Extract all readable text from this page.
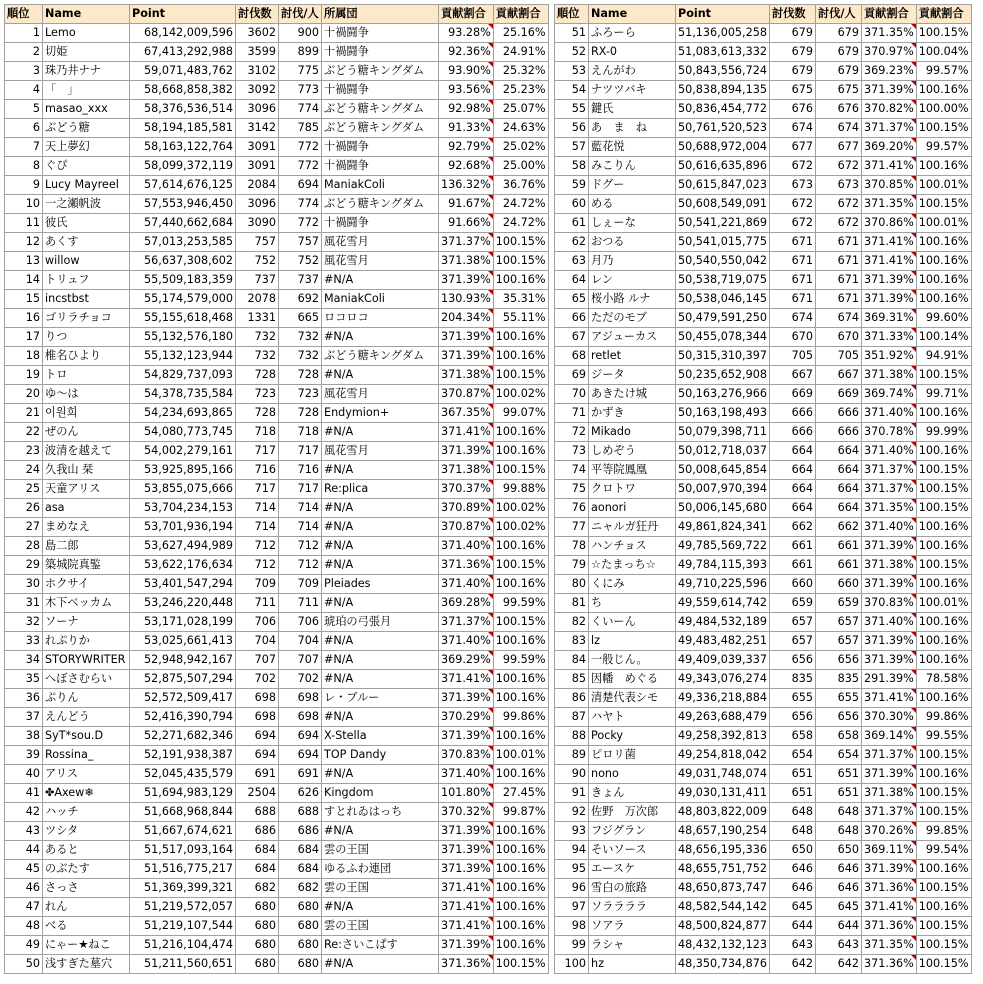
順位	Name	Point	討伐数	討伐/人	所属団	貢献割合	貢献割合
1	Lemo	68,142,009,596	3602	900	十禍闘争	93.28%	25.16%
2	切姫	67,413,292,988	3599	899	十禍闘争	92.36%	24.91%
3	珠乃井ナナ	59,071,483,762	3102	775	ぶどう糖キングダム	93.90%	25.32%
4	「　」	58,668,858,382	3092	773	十禍闘争	93.56%	25.23%
5	masao_xxx	58,376,536,514	3096	774	ぶどう糖キングダム	92.98%	25.07%
6	ぶどう糖	58,194,185,581	3142	785	ぶどう糖キングダム	91.33%	24.63%
7	天上夢幻	58,163,122,764	3091	772	十禍闘争	92.79%	25.02%
8	ぐぴ	58,099,372,119	3091	772	十禍闘争	92.68%	25.00%
9	Lucy Mayreel	57,614,676,125	2084	694	ManiakColi	136.32%	36.76%
10	一之瀬帆波	57,553,946,450	3096	774	ぶどう糖キングダム	91.67%	24.72%
11	彼氏	57,440,662,684	3090	772	十禍闘争	91.66%	24.72%
12	あくす	57,013,253,585	757	757	風花雪月	371.37%	100.15%
13	willow	56,637,308,602	752	752	風花雪月	371.38%	100.15%
14	トリュフ	55,509,183,359	737	737	#N/A	371.39%	100.16%
15	incstbst	55,174,579,000	2078	692	ManiakColi	130.93%	35.31%
16	ゴリラチョコ	55,155,618,468	1331	665	ロコロコ	204.34%	55.11%
17	りつ	55,132,576,180	732	732	#N/A	371.39%	100.16%
18	椎名ひより	55,132,123,944	732	732	ぶどう糖キングダム	371.39%	100.16%
19	トロ	54,829,737,093	728	728	#N/A	371.38%	100.15%
20	ゆ～は	54,378,735,584	723	723	風花雪月	370.87%	100.02%
21	이원희	54,234,693,865	728	728	Endymion+	367.35%	99.07%
22	ぜのん	54,080,773,745	718	718	#N/A	371.41%	100.16%
23	波清を越えて	54,002,279,161	717	717	風花雪月	371.39%	100.16%
24	久我山 栞	53,925,895,166	716	716	#N/A	371.38%	100.15%
25	天童アリス	53,855,075,666	717	717	Re:plica	370.37%	99.88%
26	asa	53,704,234,153	714	714	#N/A	370.89%	100.02%
27	まめなえ	53,701,936,194	714	714	#N/A	370.87%	100.02%
28	島二郎	53,627,494,989	712	712	#N/A	371.40%	100.16%
29	築城院真鍳	53,622,176,634	712	712	#N/A	371.36%	100.15%
30	ホクサイ	53,401,547,294	709	709	Pleiades	371.40%	100.16%
31	木下ベッカム	53,246,220,448	711	711	#N/A	369.28%	99.59%
32	ソーナ	53,171,028,199	706	706	琥珀の弓張月	371.37%	100.15%
33	れぷりか	53,025,661,413	704	704	#N/A	371.40%	100.16%
34	STORYWRITER	52,948,942,167	707	707	#N/A	369.29%	99.59%
35	へぼさむらい	52,875,507,294	702	702	#N/A	371.41%	100.16%
36	ぷりん	52,572,509,417	698	698	レ・ブルー	371.39%	100.16%
37	えんどう	52,416,390,794	698	698	#N/A	370.29%	99.86%
38	SyT*sou.D	52,271,682,346	694	694	X-Stella	371.39%	100.16%
39	Rossina_	52,191,938,387	694	694	TOP Dandy	370.83%	100.01%
40	アリス	52,045,435,579	691	691	#N/A	371.40%	100.16%
41	✤Axew❄	51,694,983,129	2504	626	Kingdom	101.80%	27.45%
42	ハッチ	51,668,968,844	688	688	すとれゐはっち	370.32%	99.87%
43	ツシタ	51,667,674,621	686	686	#N/A	371.39%	100.16%
44	あると	51,517,093,164	684	684	雲の王国	371.39%	100.16%
45	のぶたす	51,516,775,217	684	684	ゆるふわ連団	371.39%	100.16%
46	さっさ	51,369,399,321	682	682	雲の王国	371.41%	100.16%
47	れん	51,219,572,057	680	680	#N/A	371.41%	100.16%
48	べる	51,219,107,544	680	680	雲の王国	371.41%	100.16%
49	にゃー★ねこ	51,216,104,474	680	680	Re:さいこぱす	371.39%	100.16%
50	浅すぎた墓穴	51,211,560,651	680	680	#N/A	371.36%	100.15%
順位	Name	Point	討伐数	討伐/人	貢献割合	貢献割合
51	ふろーら	51,136,005,258	679	679	371.35%	100.15%
52	RX-0	51,083,613,332	679	679	370.97%	100.04%
53	えんがわ	50,843,556,724	679	679	369.23%	99.57%
54	ナツツバキ	50,838,894,135	675	675	371.39%	100.16%
55	鍵氏	50,836,454,772	676	676	370.82%	100.00%
56	あ　ま　ね	50,761,520,523	674	674	371.37%	100.15%
57	藍花悦	50,688,972,004	677	677	369.20%	99.57%
58	みこりん	50,616,635,896	672	672	371.41%	100.16%
59	ドグー	50,615,847,023	673	673	370.85%	100.01%
60	める	50,608,549,091	672	672	371.35%	100.15%
61	しぇーな	50,541,221,869	672	672	370.86%	100.01%
62	おつる	50,541,015,775	671	671	371.41%	100.16%
63	月乃	50,540,550,042	671	671	371.41%	100.16%
64	レン	50,538,719,075	671	671	371.39%	100.16%
65	桜小路 ルナ	50,538,046,145	671	671	371.39%	100.16%
66	ただのモブ	50,479,591,250	674	674	369.31%	99.60%
67	アジューカス	50,455,078,344	670	670	371.33%	100.14%
68	retlet	50,315,310,397	705	705	351.92%	94.91%
69	ジータ	50,235,652,908	667	667	371.38%	100.15%
70	あきたけ城	50,163,276,966	669	669	369.74%	99.71%
71	かずき	50,163,198,493	666	666	371.40%	100.16%
72	Mikado	50,079,398,711	666	666	370.78%	99.99%
73	しめぞう	50,012,718,037	664	664	371.40%	100.16%
74	平等院鳳凰	50,008,645,854	664	664	371.37%	100.15%
75	クロトワ	50,007,970,394	664	664	371.37%	100.15%
76	aonori	50,006,145,680	664	664	371.35%	100.15%
77	ニャルガ狂丹	49,861,824,341	662	662	371.40%	100.16%
78	ハンチョス	49,785,569,722	661	661	371.39%	100.16%
79	☆たまっち☆	49,784,115,393	661	661	371.38%	100.15%
80	くにみ	49,710,225,596	660	660	371.39%	100.16%
81	ち	49,559,614,742	659	659	370.83%	100.01%
82	くいーん	49,484,532,189	657	657	371.40%	100.16%
83	lz	49,483,482,251	657	657	371.39%	100.16%
84	一般じん。	49,409,039,337	656	656	371.39%	100.16%
85	因幡　めぐる	49,343,076,274	835	835	291.39%	78.58%
86	清楚代表シモ	49,336,218,884	655	655	371.41%	100.16%
87	ハヤト	49,263,688,479	656	656	370.30%	99.86%
88	Pocky	49,258,392,813	658	658	369.14%	99.55%
89	ピロリ菌	49,254,818,042	654	654	371.37%	100.15%
90	nono	49,031,748,074	651	651	371.39%	100.16%
91	きょん	49,030,131,411	651	651	371.38%	100.15%
92	佐野　万次郎	48,803,822,009	648	648	371.37%	100.15%
93	フジグラン	48,657,190,254	648	648	370.26%	99.85%
94	そいソース	48,656,195,336	650	650	369.11%	99.54%
95	エースケ	48,655,751,752	646	646	371.39%	100.16%
96	雪白の旅路	48,650,873,747	646	646	371.36%	100.15%
97	ソララララ	48,582,544,142	645	645	371.41%	100.16%
98	ソアラ	48,500,824,877	644	644	371.36%	100.15%
99	ラシャ	48,432,132,123	643	643	371.35%	100.15%
100	hz	48,350,734,876	642	642	371.36%	100.15%
